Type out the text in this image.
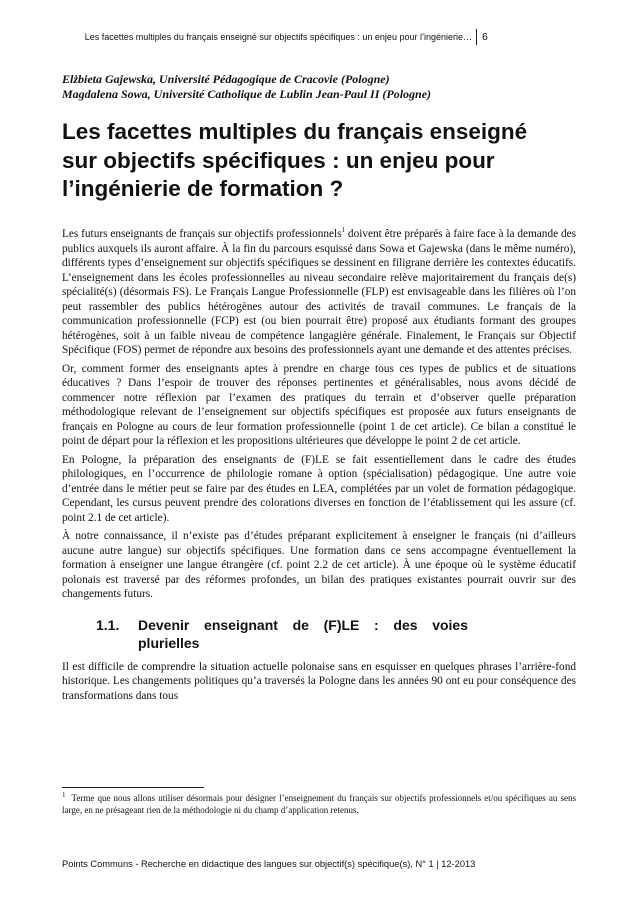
Les facettes multiples du français enseigné sur objectifs spécifiques : un enjeu pour l’ingénierie… 6
Elżbieta Gajewska, Université Pédagogique de Cracovie (Pologne)
Magdalena Sowa, Université Catholique de Lublin Jean-Paul II (Pologne)
Les facettes multiples du français enseigné sur objectifs spécifiques : un enjeu pour l’ingénierie de formation ?

Les futurs enseignants de français sur objectifs professionnels$^1$ doivent être préparés à faire face à la demande des publics auxquels ils auront affaire. À la fin du parcours esquissé dans Sowa et Gajewska (dans le même numéro), différents types d’enseignement sur objectifs spécifiques se dessinent en filigrane derrière les contextes éducatifs. L’enseignement dans les écoles professionnelles au niveau secondaire relève majoritairement du français de(s) spécialité(s) (désormais FS). Le Français Langue Professionnelle (FLP) est envisageable dans les filières où l’on peut rassembler des publics hétérogènes autour des activités de travail communes. Le français de la communication professionnelle (FCP) est (ou bien pourrait être) proposé aux étudiants formant des groupes hétérogènes, soit à un faible niveau de compétence langagière générale. Finalement, le Français sur Objectif Spécifique (FOS) permet de répondre aux besoins des professionnels ayant une demande et des attentes précises.

Or, comment former des enseignants aptes à prendre en charge tous ces types de publics et de situations éducatives ? Dans l’espoir de trouver des réponses pertinentes et généralisables, nous avons décidé de commencer notre réflexion par l’examen des pratiques du terrain et d’observer quelle préparation méthodologique relevant de l’enseignement sur objectifs spécifiques est proposée aux futurs enseignants de français en Pologne au cours de leur formation professionnelle (point 1 de cet article). Ce bilan a constitué le point de départ pour la réflexion et les propositions ultérieures que développe le point 2 de cet article.

En Pologne, la préparation des enseignants de (F)LE se fait essentiellement dans le cadre des études philologiques, en l’occurrence de philologie romane à option (spécialisation) pédagogique. Une autre voie d’entrée dans le métier peut se faire par des études en LEA, complétées par un volet de formation pédagogique. Cependant, les cursus peuvent prendre des colorations diverses en fonction de l’établissement qui les assure (cf. point 2.1 de cet article).

À notre connaissance, il n’existe pas d’études préparant explicitement à enseigner le français (ni d’ailleurs aucune autre langue) sur objectifs spécifiques. Une formation dans ce sens accompagne éventuellement la formation à enseigner une langue étrangère (cf. point 2.2 de cet article). À une époque où le système éducatif polonais est traversé par des réformes profondes, un bilan des pratiques existantes pourrait ouvrir sur des changements futurs.

1.1. Devenir enseignant de (F)LE : des voies plurielles

Il est difficile de comprendre la situation actuelle polonaise sans en esquisser en quelques phrases l’arrière-fond historique. Les changements politiques qu’a traversés la Pologne dans les années 90 ont eu pour conséquence des transformations dans tous

$^1$ Terme que nous allons utiliser désormais pour désigner l’enseignement du français sur objectifs professionnels et/ou spécifiques au sens large, en ne présageant rien de la méthodologie ni du champ d’application retenus.
Points Communs - Recherche en didactique des langues sur objectif(s) spécifique(s), N° 1 | 12-2013
